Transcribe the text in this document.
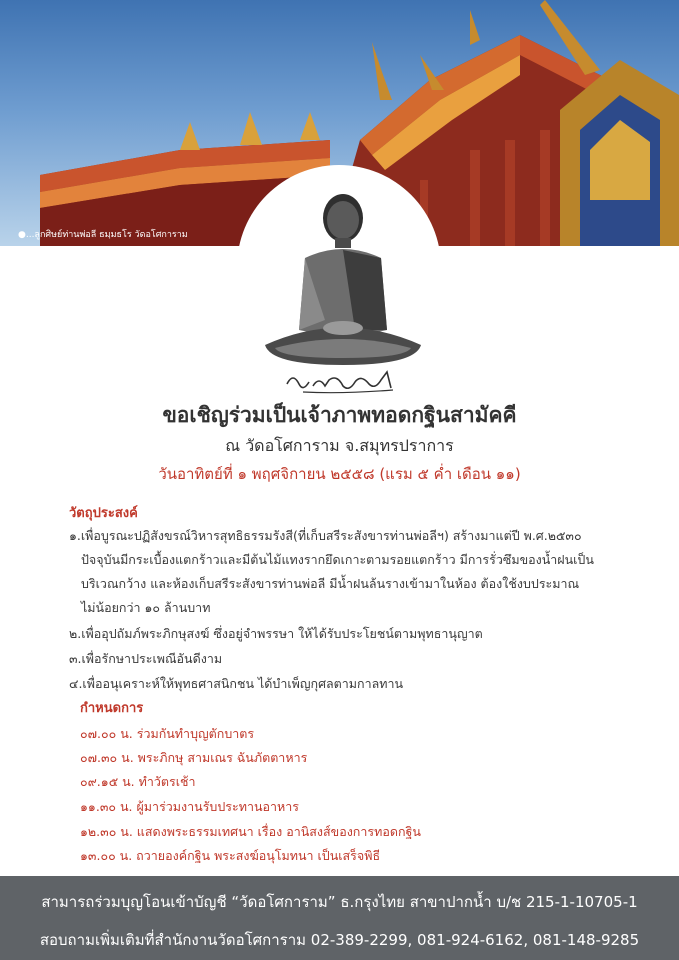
●...ลูกศิษย์ท่านพ่อลี ธมฺมธโร วัดอโศการาม
ขอเชิญร่วมเป็นเจ้าภาพทอดกฐินสามัคคี
ณ วัดอโศการาม จ.สมุทรปราการ
วันอาทิตย์ที่ ๑ พฤศจิกายน ๒๕๕๘ (แรม ๕ ค่ำ เดือน ๑๑)
วัตถุประสงค์
๑.เพื่อบูรณะปฏิสังขรณ์วิหารสุทธิธรรมรังสี(ที่เก็บสรีระสังขารท่านพ่อลีฯ) สร้างมาแต่ปี พ.ศ.๒๕๓๐
ปัจจุบันมีกระเบื้องแตกร้าวและมีต้นไม้แทงรากยึดเกาะตามรอยแตกร้าว มีการรั่วซึมของน้ำฝนเป็น
บริเวณกว้าง และห้องเก็บสรีระสังขารท่านพ่อลี มีน้ำฝนล้นรางเข้ามาในห้อง ต้องใช้งบประมาณ
ไม่น้อยกว่า ๑๐ ล้านบาท
๒.เพื่ออุปถัมภ์พระภิกษุสงฆ์ ซึ่งอยู่จำพรรษา ให้ได้รับประโยชน์ตามพุทธานุญาต
๓.เพื่อรักษาประเพณีอันดีงาม
๔.เพื่ออนุเคราะห์ให้พุทธศาสนิกชน ได้บำเพ็ญกุศลตามกาลทาน
กำหนดการ
๐๗.๐๐ น. ร่วมกันทำบุญตักบาตร
๐๗.๓๐ น. พระภิกษุ สามเณร ฉันภัตตาหาร
๐๙.๑๕ น. ทำวัตรเช้า
๑๑.๓๐ น. ผู้มาร่วมงานรับประทานอาหาร
๑๒.๓๐ น. แสดงพระธรรมเทศนา เรื่อง อานิสงส์ของการทอดกฐิน
๑๓.๐๐ น. ถวายองค์กฐิน พระสงฆ์อนุโมทนา เป็นเสร็จพิธี
สามารถร่วมบุญโอนเข้าบัญชี “วัดอโศการาม” ธ.กรุงไทย สาขาปากน้ำ บ/ช 215-1-10705-1
สอบถามเพิ่มเติมที่สำนักงานวัดอโศการาม 02-389-2299, 081-924-6162, 081-148-9285
